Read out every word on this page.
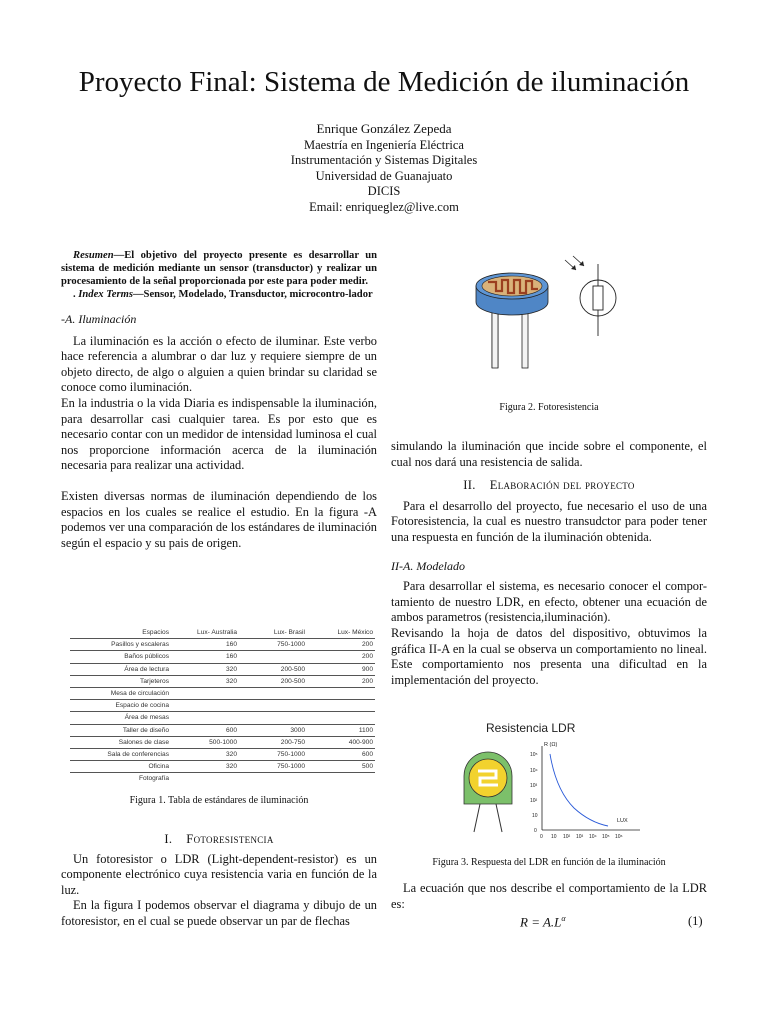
Proyecto Final: Sistema de Medición de iluminación
Enrique González Zepeda
Maestría en Ingeniería Eléctrica
Instrumentación y Sistemas Digitales
Universidad de Guanajuato
DICIS
Email: enriqueglez@live.com

Resumen—El objetivo del proyecto presente es desarrollar un sistema de medición mediante un sensor (transductor) y realizar un procesamiento de la señal proporcionada por este para poder medir.

. Index Terms—Sensor, Modelado, Transductor, microcontro-lador

-A. Iluminación

La iluminación es la acción o efecto de iluminar. Este verbo hace referencia a alumbrar o dar luz y requiere siempre de un objeto directo, de algo o alguien a quien brindar su claridad se conoce como iluminación.

En la industria o la vida Diaria es indispensable la iluminación, para desarrollar casi cualquier tarea. Es por esto que es necesario contar con un medidor de intensidad luminosa el cual nos proporcione información acerca de la iluminación necesaria para realizar una actividad.

Existen diversas normas de iluminación dependiendo de los espacios en los cuales se realice el estudio. En la figura -A podemos ver una comparación de los estándares de iluminación según el espacio y su pais de origen.

Espacios	Lux- Australia	Lux- Brasil	Lux- México
Pasillos y escaleras	160	750-1000	200
Baños públicos	160		200
Área de lectura	320	200-500	900
Tarjeteros	320	200-500	200
Mesa de circulación			
Espacio de cocina			
Área de mesas			
Taller de diseño	600	3000	1100
Salones de clase	500-1000	200-750	400-900
Sala de conferencias	320	750-1000	600
Oficina	320	750-1000	500
Fotografía			
Figura 1. Tabla de estándares de iluminación

I. Fotoresistencia

Un fotoresistor o LDR (Light-dependent-resistor) es un componente electrónico cuya resistencia varia en función de la luz.

En la figura I podemos observar el diagrama y dibujo de un fotoresistor, en el cual se puede observar un par de flechas

Figura 2. Fotoresistencia

simulando la iluminación que incide sobre el componente, el cual nos dará una resistencia de salida.

II. Elaboración del proyecto

Para el desarrollo del proyecto, fue necesario el uso de una Fotoresistencia, la cual es nuestro transudctor para poder tener una respuesta en función de la iluminación obtenida.

II-A. Modelado

Para desarrollar el sistema, es necesario conocer el compor-tamiento de nuestro LDR, en efecto, obtener una ecuación de ambos parametros (resistencia,iluminación).

Revisando la hoja de datos del dispositivo, obtuvimos la gráfica II-A en la cual se observa un comportamiento no lineal. Este comportamiento nos presenta una dificultad en la implementación del proyecto.

Resistencia LDR
R (Ω)
LUX
10⁵
10⁴
10³
10²
10
0
0 10 10² 10³ 10⁴ 10⁵ 10⁶
Figura 3. Respuesta del LDR en función de la iluminación

La ecuación que nos describe el comportamiento de la LDR es:

$R = A.L^\alpha$	(1)
